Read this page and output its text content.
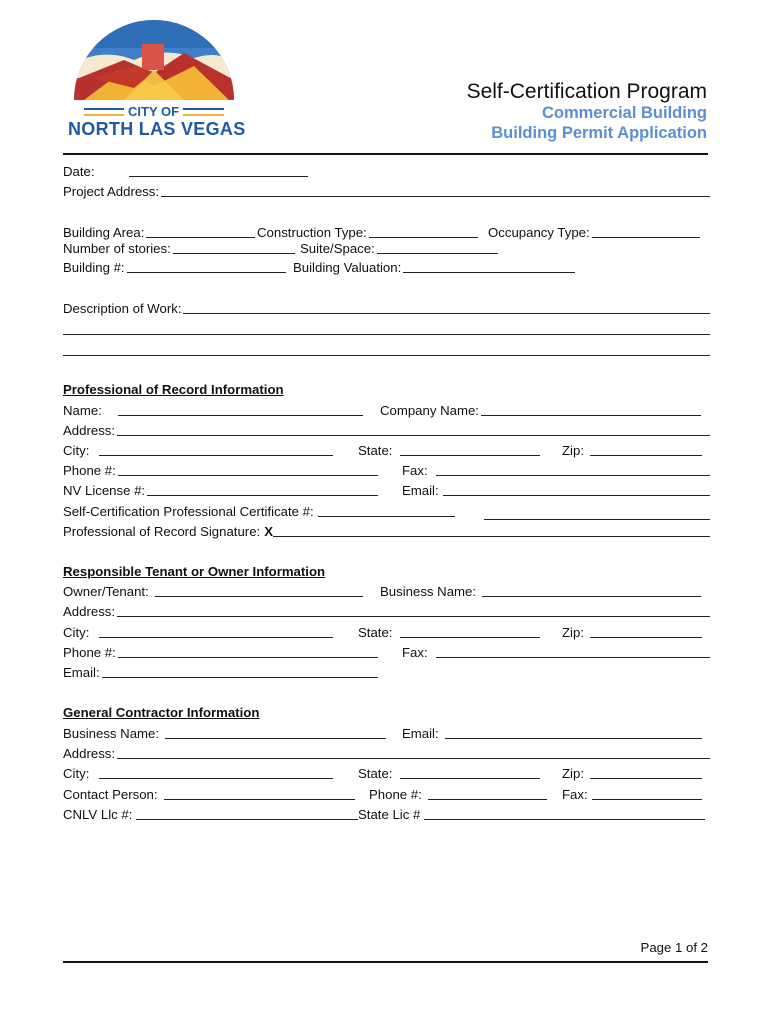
CITY OF
NORTH LAS VEGAS
Self-Certification Program
Commercial Building
Building Permit Application
Date:
Project Address:
Building Area:	Construction Type:	Occupancy Type:
Number of stories:	Suite/Space:
Building #:	Building Valuation:
Description of Work:
Professional of Record Information
Name:	Company Name:
Address:
City:	State:	Zip:
Phone #:	Fax:
NV License #:	Email:
Self-Certification Professional Certificate #:
Professional of Record Signature: X
Responsible Tenant or Owner Information
Owner/Tenant:	Business Name:
Address:
City:	State:	Zip:
Phone #:	Fax:
Email:
General Contractor Information
Business Name:	Email:
Address:
City:	State:	Zip:
Contact Person:	Phone #:	Fax:
CNLV Llc #:	State Lic #
Page 1 of 2
